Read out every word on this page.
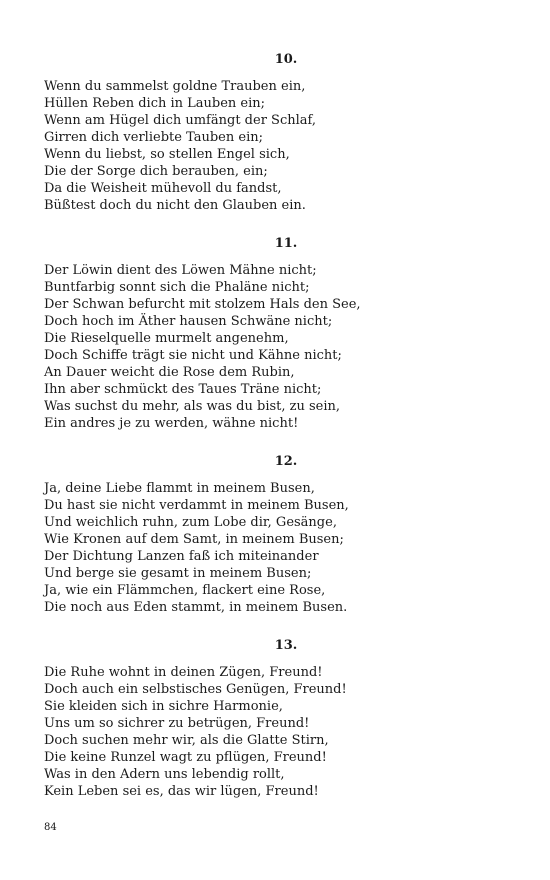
10.
Wenn du sammelst goldne Trauben ein,
Hüllen Reben dich in Lauben ein;
Wenn am Hügel dich umfängt der Schlaf,
Girren dich verliebte Tauben ein;
Wenn du liebst, so stellen Engel sich,
Die der Sorge dich berauben, ein;
Da die Weisheit mühevoll du fandst,
Büßtest doch du nicht den Glauben ein.
11.
Der Löwin dient des Löwen Mähne nicht;
Buntfarbig sonnt sich die Phaläne nicht;
Der Schwan befurcht mit stolzem Hals den See,
Doch hoch im Äther hausen Schwäne nicht;
Die Rieselquelle murmelt angenehm,
Doch Schiffe trägt sie nicht und Kähne nicht;
An Dauer weicht die Rose dem Rubin,
Ihn aber schmückt des Taues Träne nicht;
Was suchst du mehr, als was du bist, zu sein,
Ein andres je zu werden, wähne nicht!
12.
Ja, deine Liebe flammt in meinem Busen,
Du hast sie nicht verdammt in meinem Busen,
Und weichlich ruhn, zum Lobe dir, Gesänge,
Wie Kronen auf dem Samt, in meinem Busen;
Der Dichtung Lanzen faß ich miteinander
Und berge sie gesamt in meinem Busen;
Ja, wie ein Flämmchen, flackert eine Rose,
Die noch aus Eden stammt, in meinem Busen.
13.
Die Ruhe wohnt in deinen Zügen, Freund!
Doch auch ein selbstisches Genügen, Freund!
Sie kleiden sich in sichre Harmonie,
Uns um so sichrer zu betrügen, Freund!
Doch suchen mehr wir, als die Glatte Stirn,
Die keine Runzel wagt zu pflügen, Freund!
Was in den Adern uns lebendig rollt,
Kein Leben sei es, das wir lügen, Freund!
84
